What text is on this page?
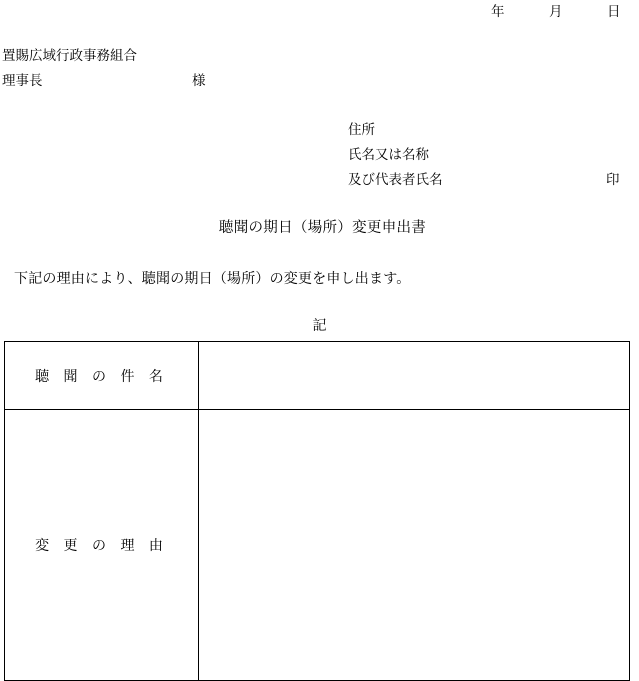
年	月	日
置賜広域行政事務組合
理事長	様
住所
氏名又は名称
及び代表者氏名	印
聴聞の期日（場所）変更申出書
下記の理由により、聴聞の期日（場所）の変更を申し出ます。
記
聴 聞 の 件 名	
変 更 の 理 由	
